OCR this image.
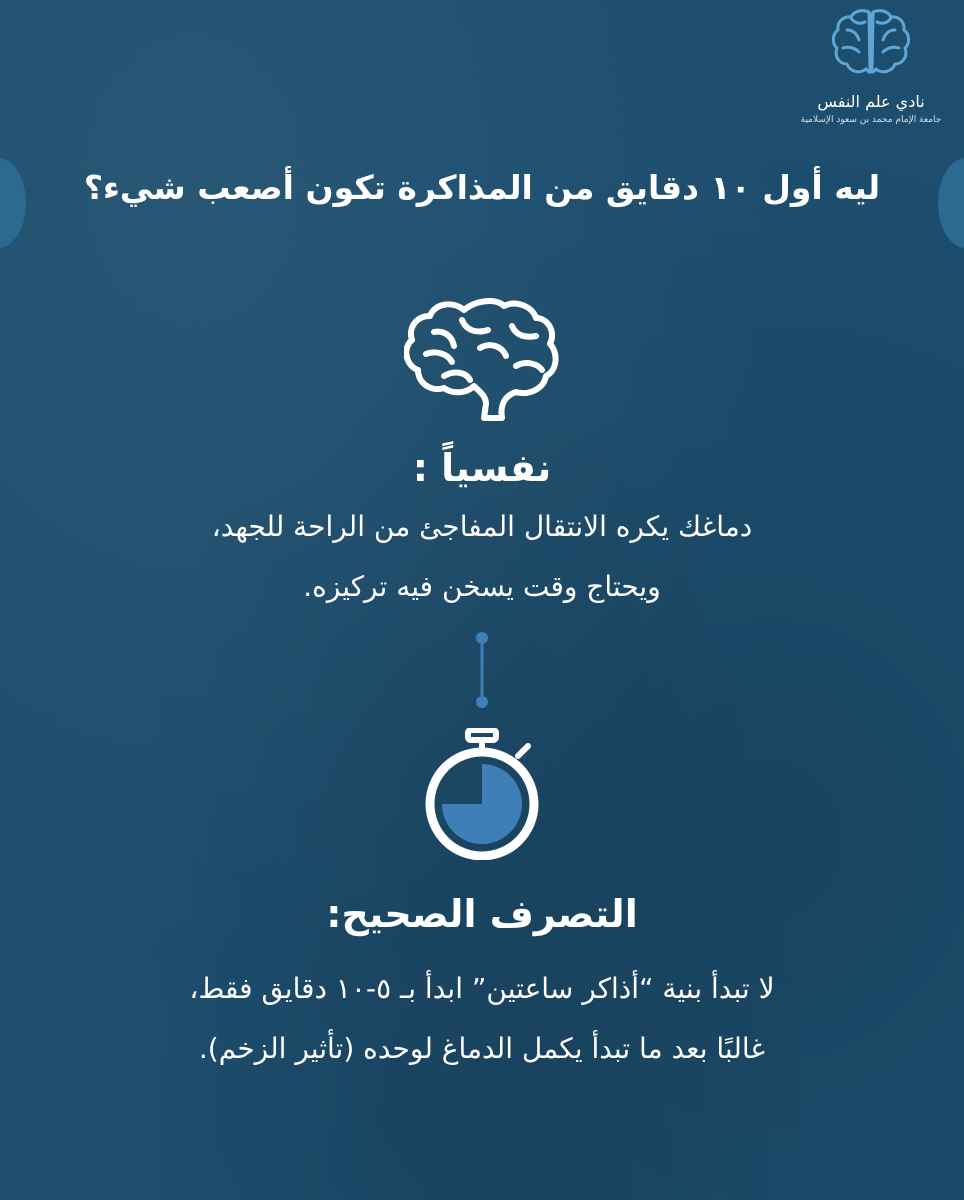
نادي علم النفس
جامعة الإمام محمد بن سعود الإسلامية
ليه أول ١٠ دقايق من المذاكرة تكون أصعب شيء؟
نفسياً :
دماغك يكره الانتقال المفاجئ من الراحة للجهد،
ويحتاج وقت يسخن فيه تركيزه.
التصرف الصحيح:
لا تبدأ بنية “أذاكر ساعتين” ابدأ بـ ٥-١٠ دقايق فقط،
غالبًا بعد ما تبدأ يكمل الدماغ لوحده (تأثير الزخم).
